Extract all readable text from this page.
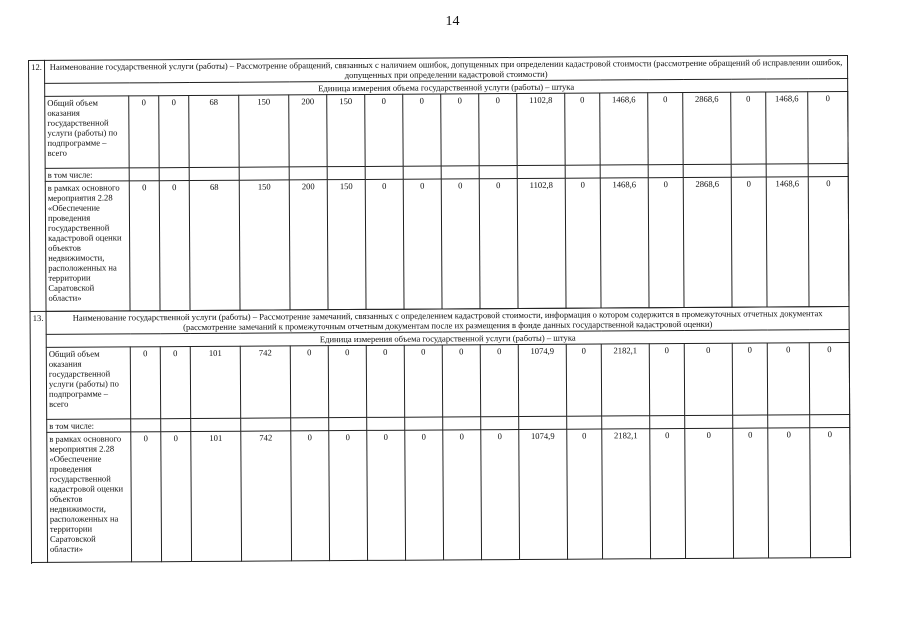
14
12.	Наименование государственной услуги (работы) – Рассмотрение обращений, связанных с наличием ошибок, допущенных при определении кадастровой стоимости (рассмотрение обращений об исправлении ошибок, допущенных при определении кадастровой стоимости)																			
	Единица измерения объема государственной услуги (работы) – штука																			
	Общий объем оказания государственной услуги (работы) по подпрограмме – всего	0	0	68	150	200	150	0	0	0	0	1102,8	0	1468,6	0	2868,6	0	1468,6	0	
	в том числе:																			
	в рамках основного мероприятия 2.28 «Обеспечение проведения государственной кадастровой оценки объектов недвижимости, расположенных на территории Саратовской области»	0	0	68	150	200	150	0	0	0	0	1102,8	0	1468,6	0	2868,6	0	1468,6	0	

13.	Наименование государственной услуги (работы) – Рассмотрение замечаний, связанных с определением кадастровой стоимости, информация о котором содержится в промежуточных отчетных документах (рассмотрение замечаний к промежуточным отчетным документам после их размещения в фонде данных государственной кадастровой оценки)																			
	Единица измерения объема государственной услуги (работы) – штука																			
	Общий объем оказания государственной услуги (работы) по подпрограмме – всего	0	0	101	742	0	0	0	0	0	0	1074,9	0	2182,1	0	0	0	0	0	
	в том числе:																			
	в рамках основного мероприятия 2.28 «Обеспечение проведения государственной кадастровой оценки объектов недвижимости, расположенных на территории Саратовской области»	0	0	101	742	0	0	0	0	0	0	1074,9	0	2182,1	0	0	0	0	0	
